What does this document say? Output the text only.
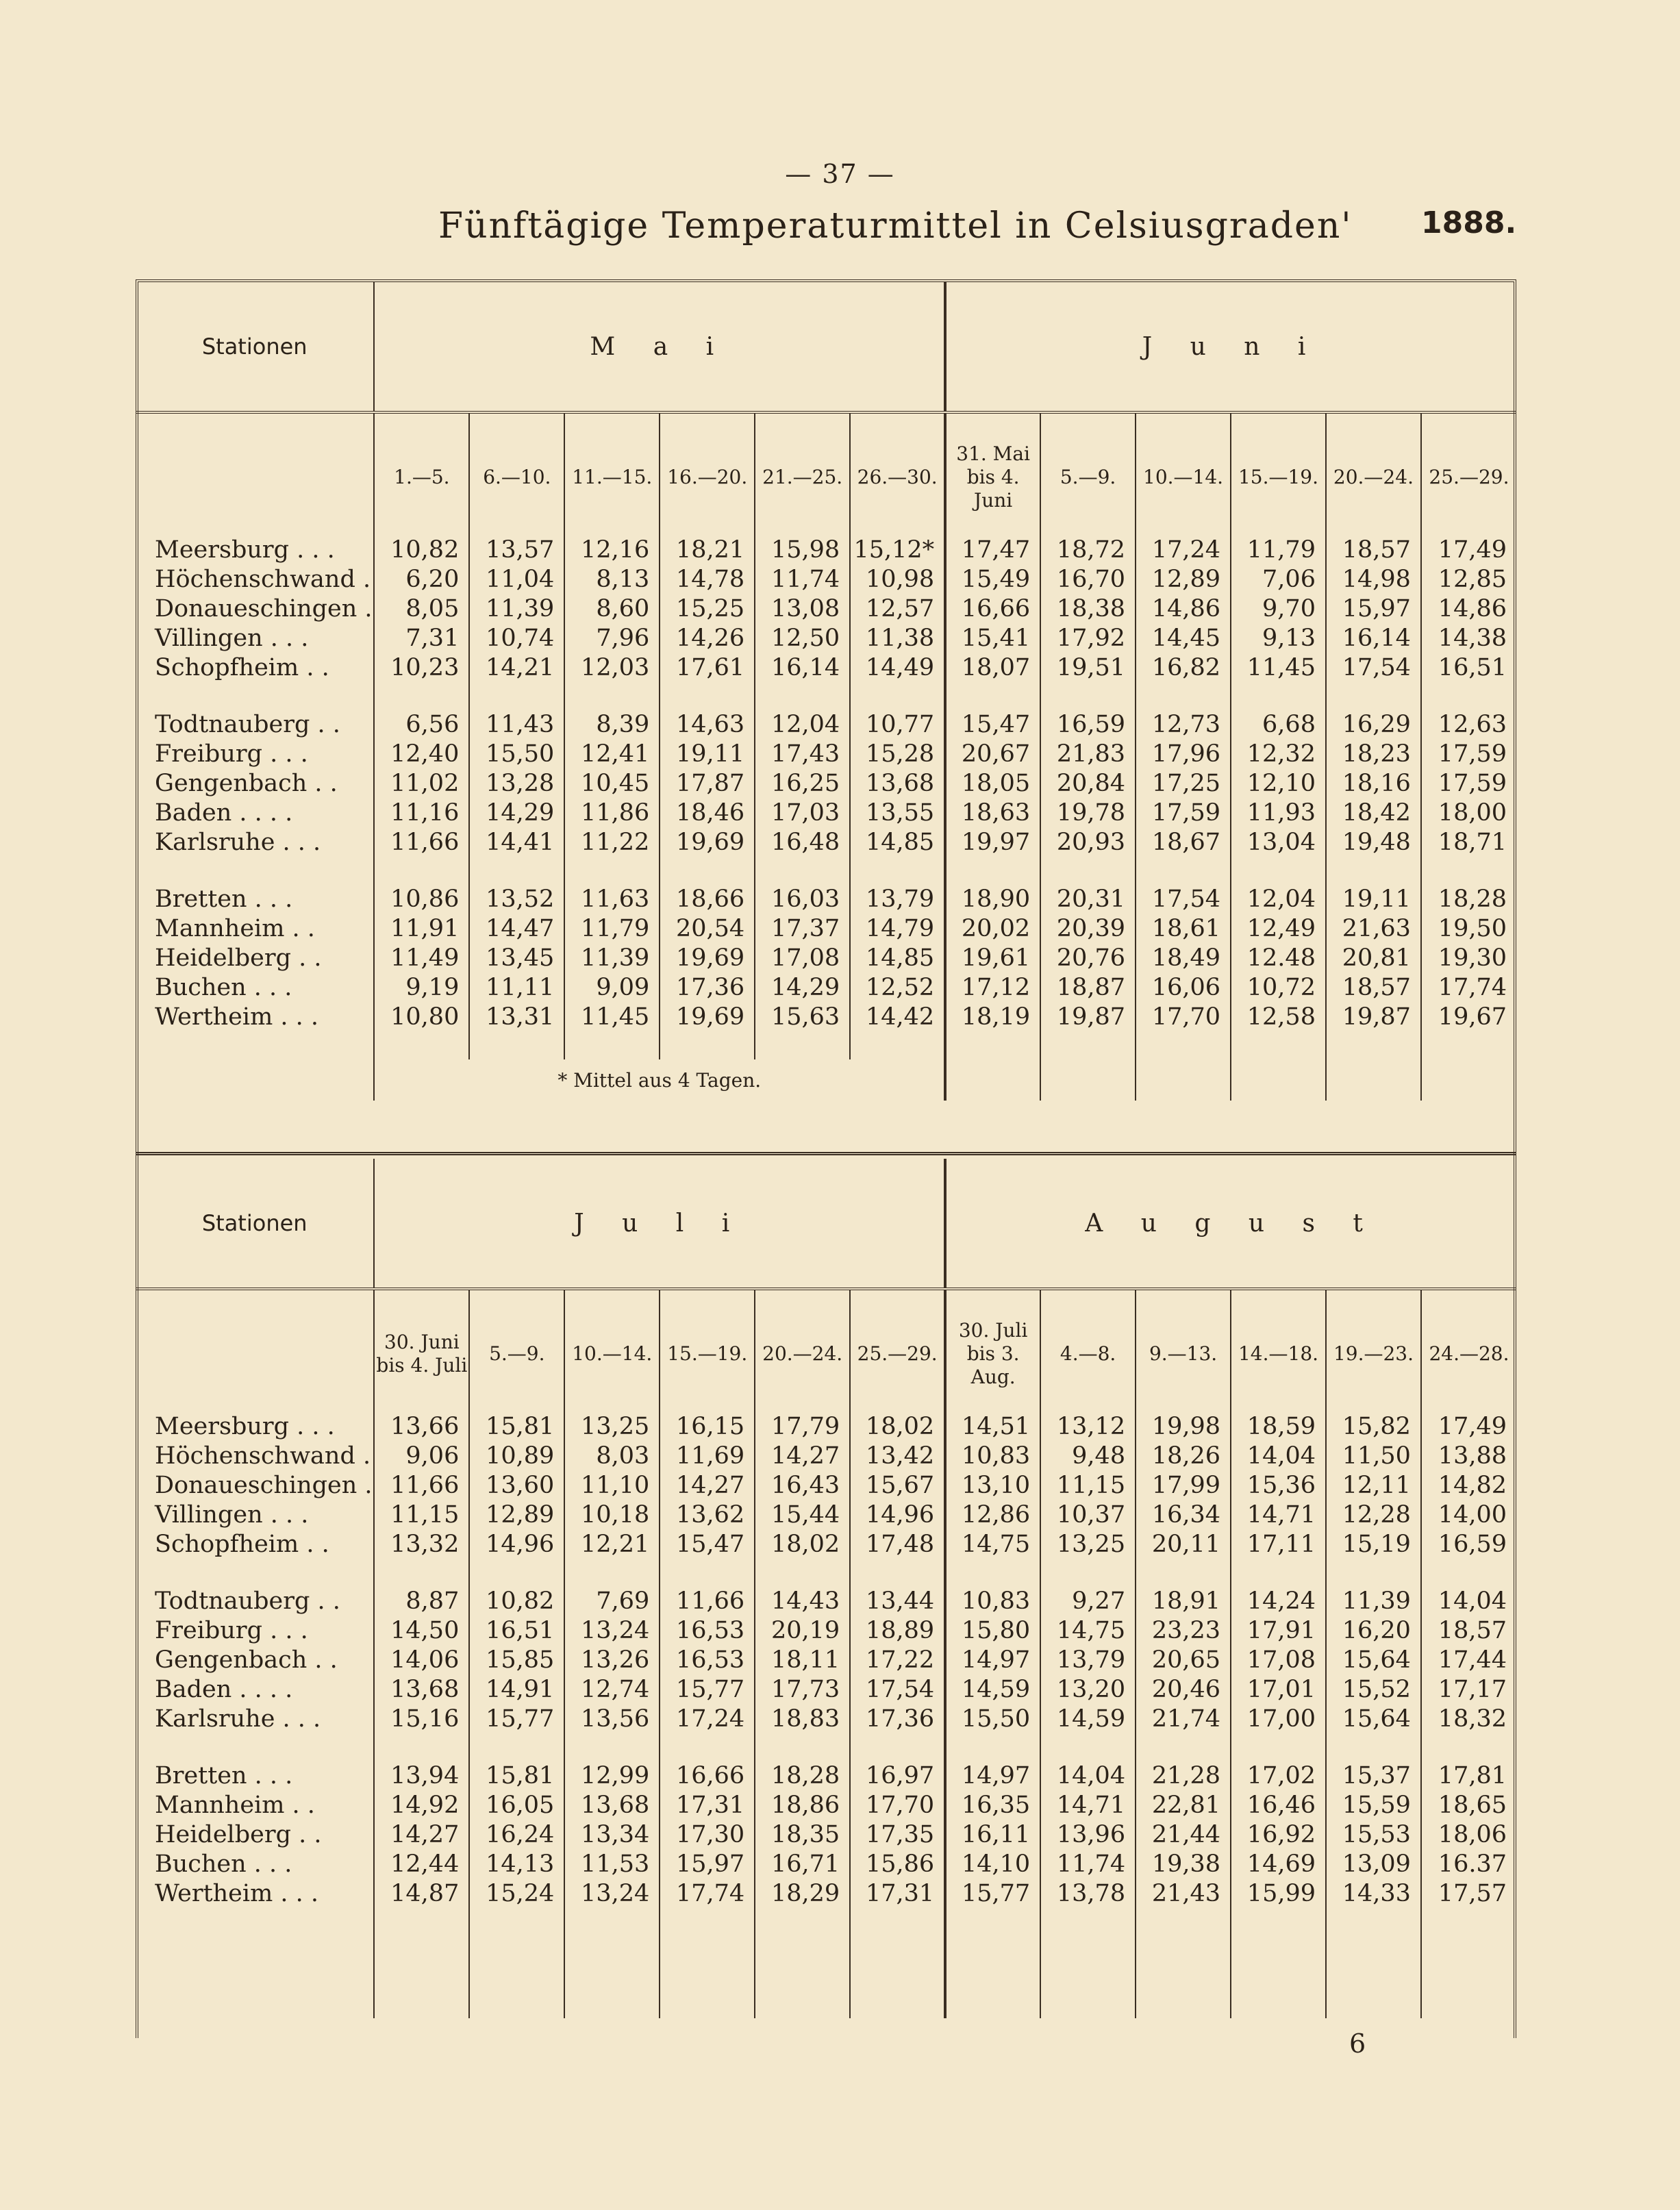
— 37 —
Fünftägige Temperaturmittel in Celsiusgraden' 1888.
Stationen	M a i						J u n i					

	1.—5.	6.—10.	11.—15.	16.—20.	21.—25.	26.—30.	31. Mai bis 4. Juni	5.—9.	10.—14.	15.—19.	20.—24.	25.—29.
Meersburg . . .	10,82	13,57	12,16	18,21	15,98	15,12*	17,47	18,72	17,24	11,79	18,57	17,49
Höchenschwand .	6,20	11,04	8,13	14,78	11,74	10,98	15,49	16,70	12,89	7,06	14,98	12,85
Donaueschingen .	8,05	11,39	8,60	15,25	13,08	12,57	16,66	18,38	14,86	9,70	15,97	14,86
Villingen . . .	7,31	10,74	7,96	14,26	12,50	11,38	15,41	17,92	14,45	9,13	16,14	14,38
Schopfheim . .	10,23	14,21	12,03	17,61	16,14	14,49	18,07	19,51	16,82	11,45	17,54	16,51

Todtnauberg . .	6,56	11,43	8,39	14,63	12,04	10,77	15,47	16,59	12,73	6,68	16,29	12,63
Freiburg . . .	12,40	15,50	12,41	19,11	17,43	15,28	20,67	21,83	17,96	12,32	18,23	17,59
Gengenbach . .	11,02	13,28	10,45	17,87	16,25	13,68	18,05	20,84	17,25	12,10	18,16	17,59
Baden . . . .	11,16	14,29	11,86	18,46	17,03	13,55	18,63	19,78	17,59	11,93	18,42	18,00
Karlsruhe . . .	11,66	14,41	11,22	19,69	16,48	14,85	19,97	20,93	18,67	13,04	19,48	18,71

Bretten . . .	10,86	13,52	11,63	18,66	16,03	13,79	18,90	20,31	17,54	12,04	19,11	18,28
Mannheim . .	11,91	14,47	11,79	20,54	17,37	14,79	20,02	20,39	18,61	12,49	21,63	19,50
Heidelberg . .	11,49	13,45	11,39	19,69	17,08	14,85	19,61	20,76	18,49	12.48	20,81	19,30
Buchen . . .	9,19	11,11	9,09	17,36	14,29	12,52	17,12	18,87	16,06	10,72	18,57	17,74
Wertheim . . .	10,80	13,31	11,45	19,69	15,63	14,42	18,19	19,87	17,70	12,58	19,87	19,67

	* Mittel aus 4 Tagen.											
Stationen	J u l i						A u g u s t					

	30. Juni bis 4. Juli	5.—9.	10.—14.	15.—19.	20.—24.	25.—29.	30. Juli bis 3. Aug.	4.—8.	9.—13.	14.—18.	19.—23.	24.—28.
Meersburg . . .	13,66	15,81	13,25	16,15	17,79	18,02	14,51	13,12	19,98	18,59	15,82	17,49
Höchenschwand .	9,06	10,89	8,03	11,69	14,27	13,42	10,83	9,48	18,26	14,04	11,50	13,88
Donaueschingen .	11,66	13,60	11,10	14,27	16,43	15,67	13,10	11,15	17,99	15,36	12,11	14,82
Villingen . . .	11,15	12,89	10,18	13,62	15,44	14,96	12,86	10,37	16,34	14,71	12,28	14,00
Schopfheim . .	13,32	14,96	12,21	15,47	18,02	17,48	14,75	13,25	20,11	17,11	15,19	16,59

Todtnauberg . .	8,87	10,82	7,69	11,66	14,43	13,44	10,83	9,27	18,91	14,24	11,39	14,04
Freiburg . . .	14,50	16,51	13,24	16,53	20,19	18,89	15,80	14,75	23,23	17,91	16,20	18,57
Gengenbach . .	14,06	15,85	13,26	16,53	18,11	17,22	14,97	13,79	20,65	17,08	15,64	17,44
Baden . . . .	13,68	14,91	12,74	15,77	17,73	17,54	14,59	13,20	20,46	17,01	15,52	17,17
Karlsruhe . . .	15,16	15,77	13,56	17,24	18,83	17,36	15,50	14,59	21,74	17,00	15,64	18,32

Bretten . . .	13,94	15,81	12,99	16,66	18,28	16,97	14,97	14,04	21,28	17,02	15,37	17,81
Mannheim . .	14,92	16,05	13,68	17,31	18,86	17,70	16,35	14,71	22,81	16,46	15,59	18,65
Heidelberg . .	14,27	16,24	13,34	17,30	18,35	17,35	16,11	13,96	21,44	16,92	15,53	18,06
Buchen . . .	12,44	14,13	11,53	15,97	16,71	15,86	14,10	11,74	19,38	14,69	13,09	16.37
Wertheim . . .	14,87	15,24	13,24	17,74	18,29	17,31	15,77	13,78	21,43	15,99	14,33	17,57

6
